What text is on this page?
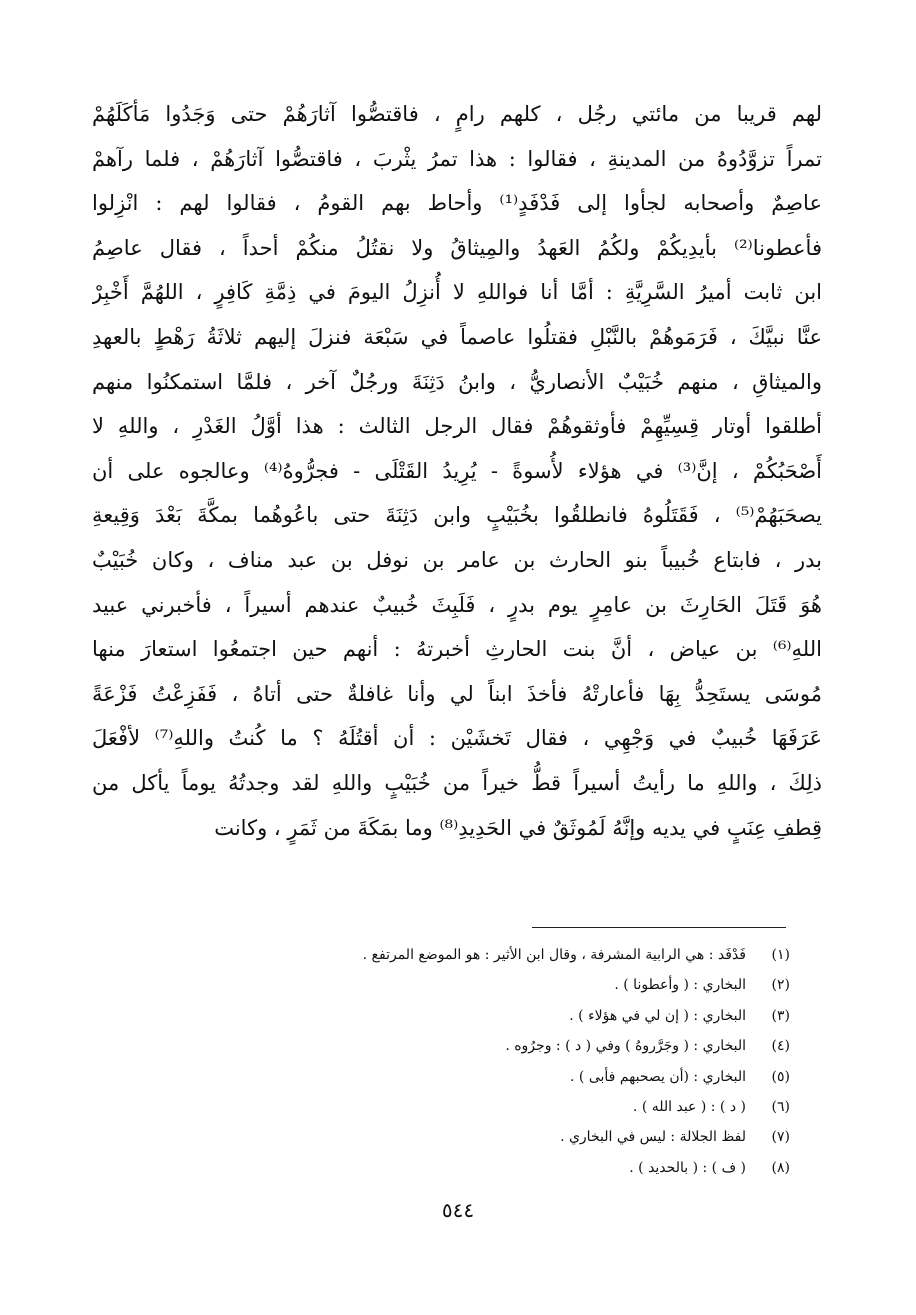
لهم قريبا من مائتي رجُل ، كلهم رامٍ ، فاقتصُّوا آثارَهُمْ حتى وَجَدُوا مَأكَلَهُمْ
تمراً تزوَّدُوهُ من المدينةِ ، فقالوا : هذا تمرُ يثْربَ ، فاقتصُّوا آثارَهُمْ ، فلما رآهمْ
عاصِمٌ وأصحابه لجأوا إلى فَدْفَدٍ⁽¹⁾ وأحاط بهم القومُ ، فقالوا لهم : انْزِلوا
فأعطونا⁽²⁾ بأيدِيكُمْ ولكُمُ العَهدُ والمِيثاقُ ولا نقتُلُ منكُمْ أحداً ، فقال عاصِمُ
ابن ثابت أميرُ السَّرِيَّةِ : أمَّا أنا فواللهِ لا أُنزِلُ اليومَ في ذِمَّةِ كَافِرٍ ، اللهُمَّ أَخْبِرْ
عنَّا نبيَّكَ ، فَرَمَوهُمْ بالنَّبْلِ فقتلُوا عاصماً في سَبْعَة فنزلَ إليهم ثلاثَةُ رَهْطٍ بالعهدِ
والميثاقِ ، منهم خُبَيْبٌ الأنصاريُّ ، وابنُ دَثِنَةَ ورجُلٌ آخر ، فلمَّا استمكنُوا منهم
أطلقوا أوتار قِسِيِّهِمْ فأوثقوهُمْ فقال الرجل الثالث : هذا أوَّلُ الغَدْرِ ، واللهِ لا
أَصْحَبُكُمْ ، إنَّ⁽³⁾ في هؤلاء لأُسوةً - يُرِيدُ القَتْلَى - فجرُّوهُ⁽⁴⁾ وعالجوه على أن
يصحَبَهُمْ⁽⁵⁾ ، فَقَتَلُوهُ فانطلقُوا بخُبَيْبٍ وابن دَثِنَةَ حتى باعُوهُما بمكَّةَ بَعْدَ وَقِيعةِ
بدر ، فابتاع خُبيباً بنو الحارث بن عامر بن نوفل بن عبد مناف ، وكان خُبَيْبٌ
هُوَ قَتَلَ الحَارِثَ بن عامِرٍ يوم بدرٍ ، فَلَبِثَ خُبيبٌ عندهم أسيراً ، فأخبرني عبيد
اللهِ⁽⁶⁾ بن عياض ، أنَّ بنت الحارثِ أخبرتهُ : أنهم حين اجتمعُوا استعارَ منها
مُوسَى يستَحِدُّ بِهَا فأعارتْهُ فأخذَ ابناً لي وأنا غافلةٌ حتى أتاهُ ، فَفَزِعْتُ فَزْعَةً
عَرَفَهَا خُبيبٌ في وَجْهِي ، فقال تَخشَيْن : أن أقتُلَهُ ؟ ما كُنتُ واللهِ⁽⁷⁾ لأفْعَلَ
ذلِكَ ، واللهِ ما رأيتُ أسيراً قطُّ خيراً من خُبَيْبٍ واللهِ لقد وجدتُهُ يوماً يأكل من
قِطفِ عِنَبٍ في يديه وإنَّهُ لَمُوثَقٌ في الحَدِيدِ⁽⁸⁾ وما بمَكَةَ من ثَمَرٍ ، وكانت
(١)فَدْفَد : هي الرابية المشرفة ، وقال ابن الأثير : هو الموضع المرتفع .
(٢)البخاري : ( وأعطونا ) .
(٣)البخاري : ( إن لي في هؤلاء ) .
(٤)البخاري : ( وجَرَّروهُ ) وفي ( د ) : وجرُوه .
(٥)البخاري : (أن يصحبهم فأبى ) .
(٦)( د ) : ( عبد الله ) .
(٧)لفظ الجلالة : ليس في البخاري .
(٨)( ف ) : ( بالحديد ) .
٥٤٤
